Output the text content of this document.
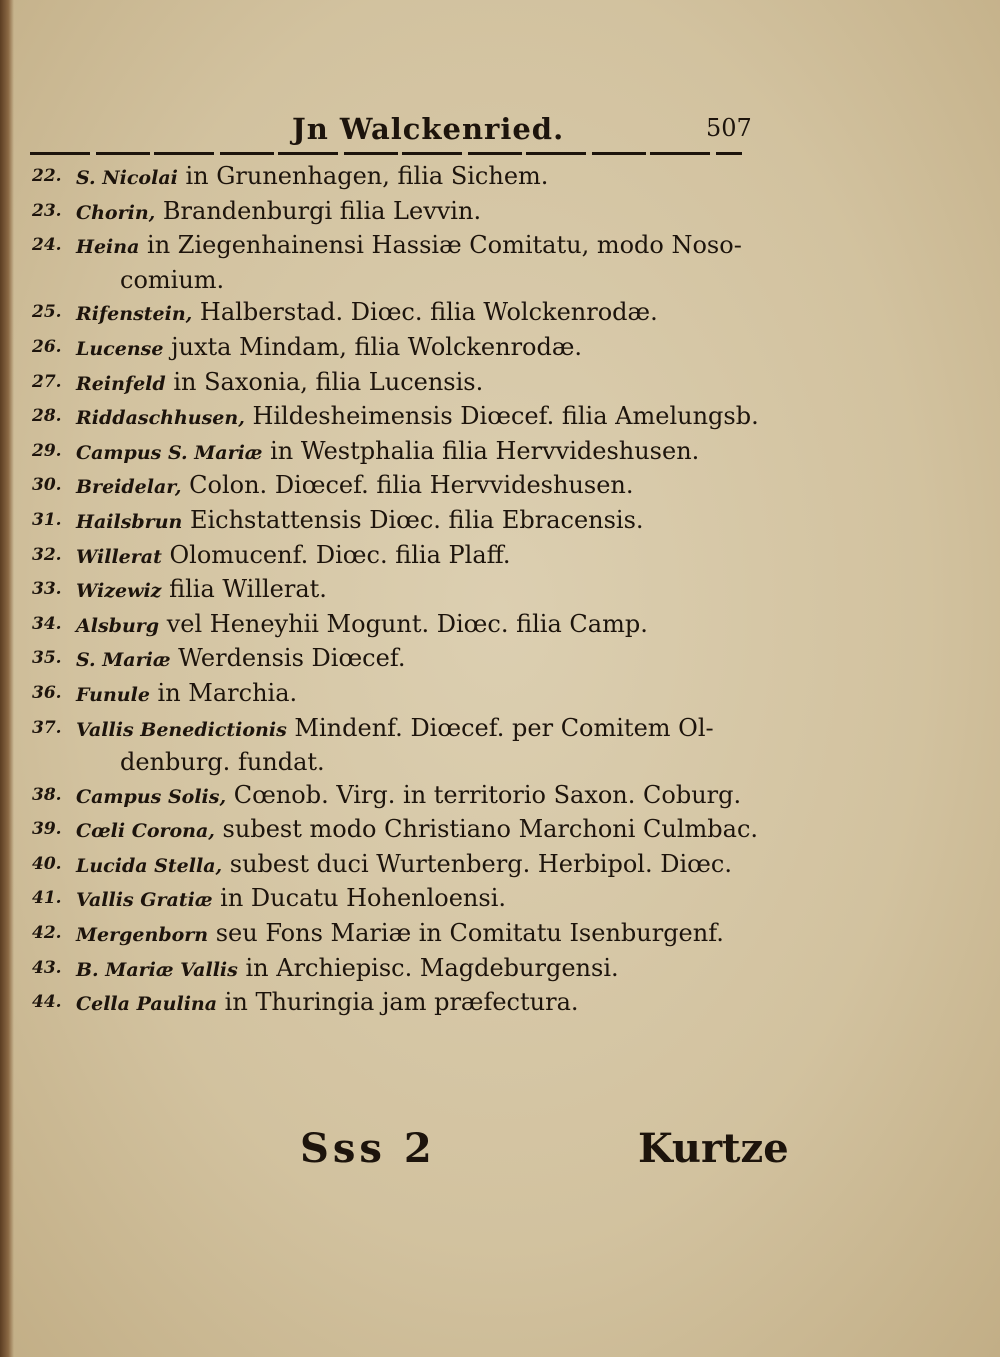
Jn Walckenried.	507
22. S. Nicolai in Grunenhagen, filia Sichem.
23. Chorin, Brandenburgi filia Levvin.
24. Heina in Ziegenhainensi Hassiæ Comitatu, modo Noso-
comium.
25. Rifenstein, Halberstad. Diœc. filia Wolckenrodæ.
26. Lucense juxta Mindam, filia Wolckenrodæ.
27. Reinfeld in Saxonia, filia Lucensis.
28. Riddaschhusen, Hildesheimensis Diœcef. filia Amelungsb.
29. Campus S. Mariæ in Westphalia filia Hervvideshusen.
30. Breidelar, Colon. Diœcef. filia Hervvideshusen.
31. Hailsbrun Eichstattensis Diœc. filia Ebracensis.
32. Willerat Olomucenf. Diœc. filia Plaff.
33. Wizewiz filia Willerat.
34. Alsburg vel Heneyhii Mogunt. Diœc. filia Camp.
35. S. Mariæ Werdensis Diœcef.
36. Funule in Marchia.
37. Vallis Benedictionis Mindenf. Diœcef. per Comitem Ol-
denburg. fundat.
38. Campus Solis, Cœnob. Virg. in territorio Saxon. Coburg.
39. Cœli Corona, subest modo Christiano Marchoni Culmbac.
40. Lucida Stella, subest duci Wurtenberg. Herbipol. Diœc.
41. Vallis Gratiæ in Ducatu Hohenloensi.
42. Mergenborn seu Fons Mariæ in Comitatu Isenburgenf.
43. B. Mariæ Vallis in Archiepisc. Magdeburgensi.
44. Cella Paulina in Thuringia jam præfectura.
Sss 2	Kurtze
